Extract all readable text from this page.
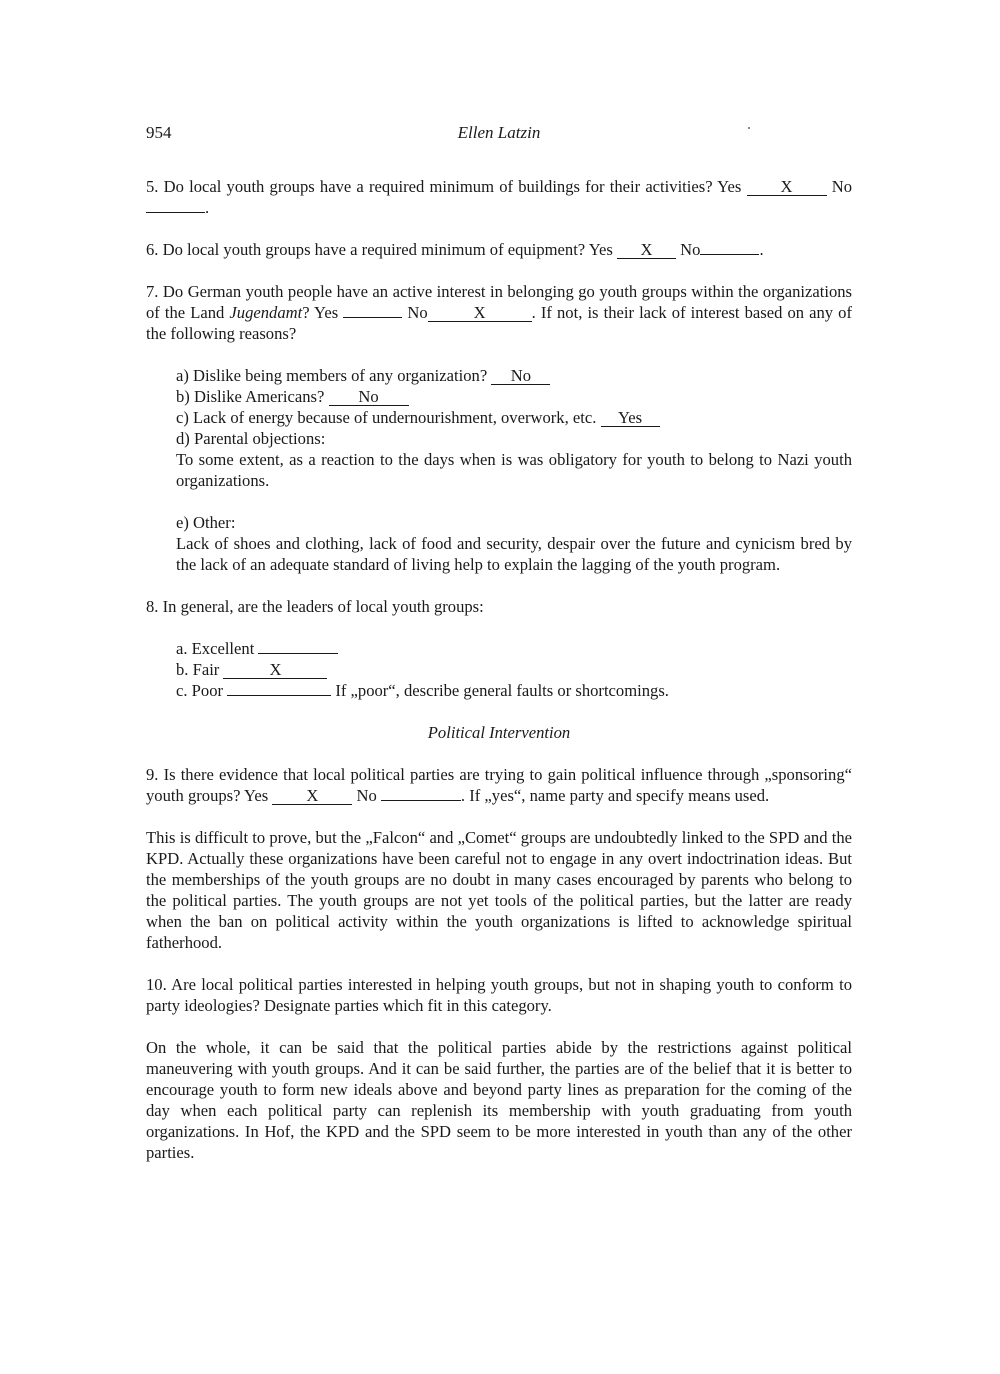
954	Ellen Latzin

5. Do local youth groups have a required minimum of buildings for their activities? Yes X No .

6. Do local youth groups have a required minimum of equipment? Yes X No	.

7. Do German youth people have an active interest in belonging go youth groups within the organizations of the Land Jugendamt? Yes	No	X	. If not, is their lack of interest based on any of the following reasons?

a) Dislike being members of any organization? No
b) Dislike Americans? No
c) Lack of energy because of undernourishment, overwork, etc. Yes
d) Parental objections:

To some extent, as a reaction to the days when is was obligatory for youth to belong to Nazi youth organizations.

e) Other:

Lack of shoes and clothing, lack of food and security, despair over the future and cynicism bred by the lack of an adequate standard of living help to explain the lagging of the youth program.

8. In general, are the leaders of local youth groups:

a. Excellent
b. Fair	X
c. Poor	If „poor“, describe general faults or shortcomings.
Political Intervention

9. Is there evidence that local political parties are trying to gain political influence through „sponsoring“ youth groups? Yes X No	. If „yes“, name party and specify means used.

This is difficult to prove, but the „Falcon“ and „Comet“ groups are undoubtedly linked to the SPD and the KPD. Actually these organizations have been careful not to engage in any overt indoctrination ideas. But the memberships of the youth groups are no doubt in many cases encouraged by parents who belong to the political parties. The youth groups are not yet tools of the political parties, but the latter are ready when the ban on political activity within the youth organizations is lifted to acknowledge spiritual fatherhood.

10. Are local political parties interested in helping youth groups, but not in shaping youth to conform to party ideologies? Designate parties which fit in this category.

On the whole, it can be said that the political parties abide by the restrictions against political maneuvering with youth groups. And it can be said further, the parties are of the belief that it is better to encourage youth to form new ideals above and beyond party lines as preparation for the coming of the day when each political party can replenish its membership with youth graduating from youth organizations. In Hof, the KPD and the SPD seem to be more interested in youth than any of the other parties.
